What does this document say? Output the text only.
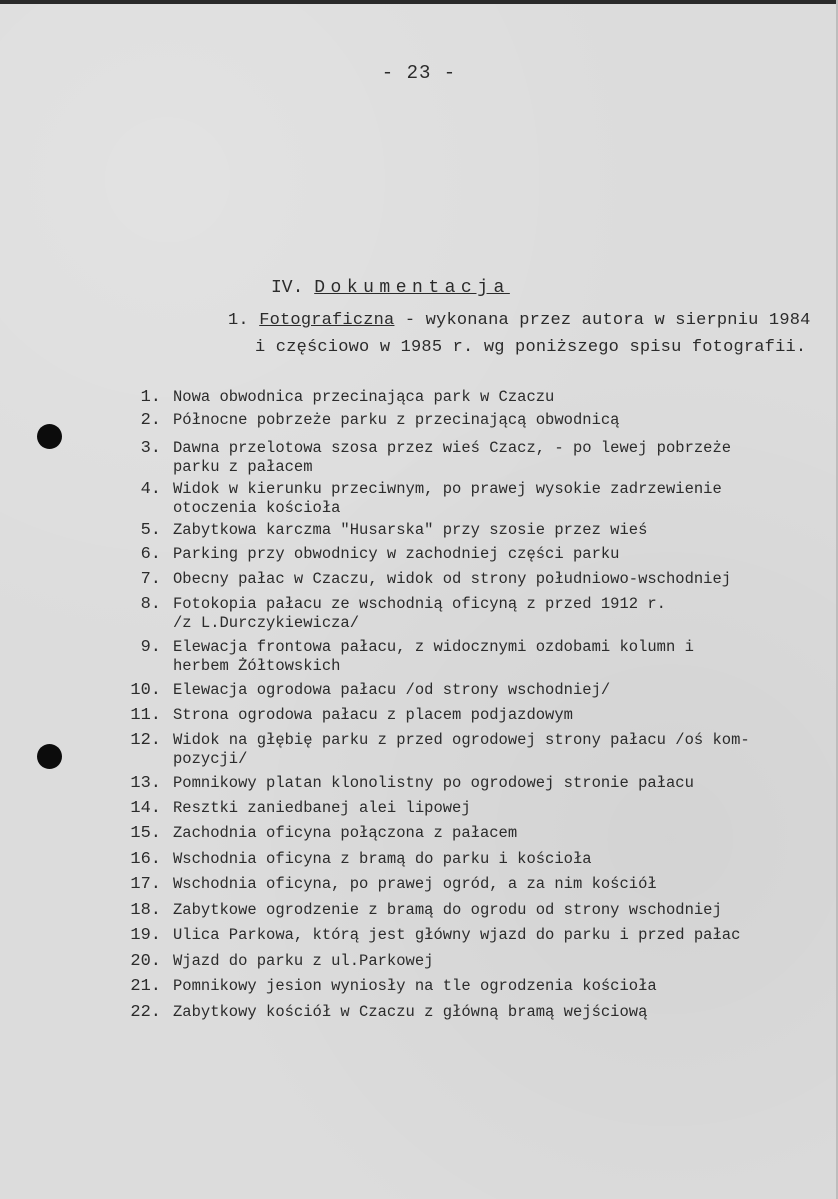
- 23 -
IV. Dokumentacja
1. Fotograficzna - wykonana przez autora w sierpniu 1984
i częściowo w 1985 r. wg poniższego spisu fotografii.
1. Nowa obwodnica przecinająca park w Czaczu
2. Północne pobrzeże parku z przecinającą obwodnicą
3. Dawna przelotowa szosa przez wieś Czacz, - po lewej pobrzeże
parku z pałacem
4. Widok w kierunku przeciwnym, po prawej wysokie zadrzewienie
otoczenia kościoła
5. Zabytkowa karczma "Husarska" przy szosie przez wieś
6. Parking przy obwodnicy w zachodniej części parku
7. Obecny pałac w Czaczu, widok od strony południowo-wschodniej
8. Fotokopia pałacu ze wschodnią oficyną z przed 1912 r.
/z L.Durczykiewicza/
9. Elewacja frontowa pałacu, z widocznymi ozdobami kolumn i
herbem Żółtowskich
10. Elewacja ogrodowa pałacu /od strony wschodniej/
11. Strona ogrodowa pałacu z placem podjazdowym
12. Widok na głębię parku z przed ogrodowej strony pałacu /oś kom-
pozycji/
13. Pomnikowy platan klonolistny po ogrodowej stronie pałacu
14. Resztki zaniedbanej alei lipowej
15. Zachodnia oficyna połączona z pałacem
16. Wschodnia oficyna z bramą do parku i kościoła
17. Wschodnia oficyna, po prawej ogród, a za nim kościół
18. Zabytkowe ogrodzenie z bramą do ogrodu od strony wschodniej
19. Ulica Parkowa, którą jest główny wjazd do parku i przed pałac
20. Wjazd do parku z ul.Parkowej
21. Pomnikowy jesion wyniosły na tle ogrodzenia kościoła
22. Zabytkowy kościół w Czaczu z główną bramą wejściową
